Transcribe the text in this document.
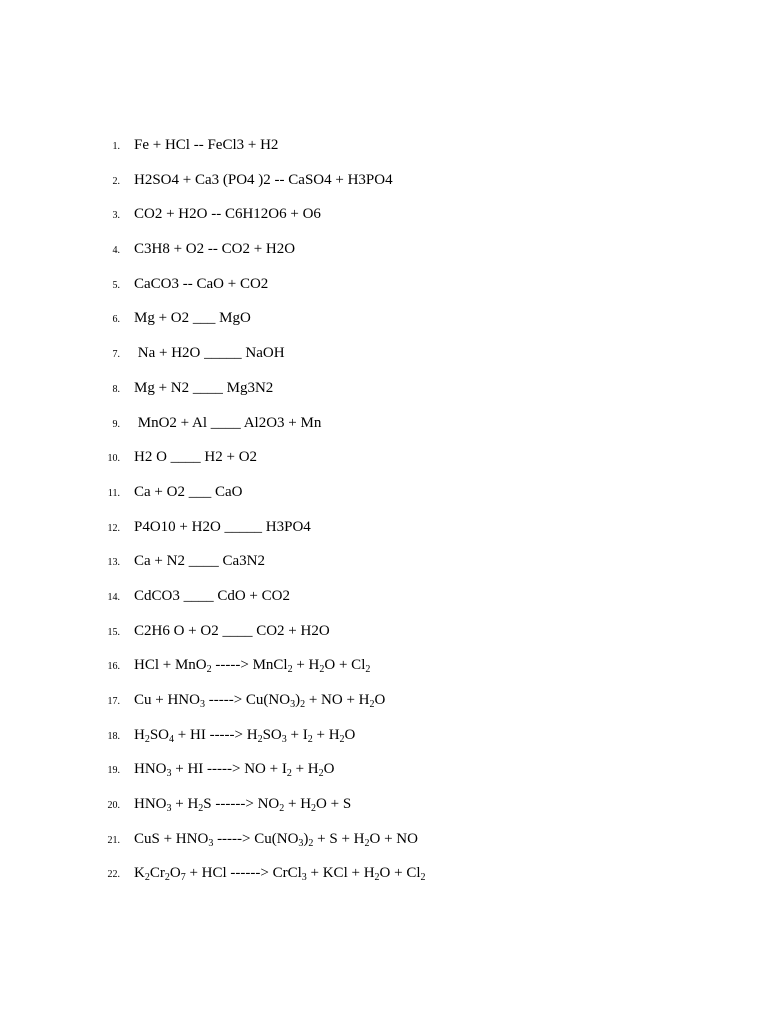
1. Fe + HCl -- FeCl3 + H2
2. H2SO4 + Ca3 (PO4 )2 -- CaSO4 + H3PO4
3. CO2 + H2O -- C6H12O6 + O6
4. C3H8 + O2 -- CO2 + H2O
5. CaCO3 -- CaO + CO2
6. Mg + O2 ___ MgO
7. Na + H2O _____ NaOH
8. Mg + N2 ____ Mg3N2
9. MnO2 + Al ____ Al2O3 + Mn
10. H2 O ____ H2 + O2
11. Ca + O2 ___ CaO
12. P4O10 + H2O _____ H3PO4
13. Ca + N2 ____ Ca3N2
14. CdCO3 ____ CdO + CO2
15. C2H6 O + O2 ____ CO2 + H2O
16. HCl + MnO$_2$ -----> MnCl$_2$ + $H_2O + Cl_2$
17. $Cu + HNO_3$ -----> $Cu(NO_3)_2$ + NO + $H_2O$
18. $H_2SO_4$ + HI -----> $H_2SO_3 + I_2 + H_2O$
19. $HNO_3$ + HI -----> NO + $I_2 + H_2O$
20. $HNO_3 + H_2S$ ------> $NO_2 + H_2O + S$
21. CuS + $HNO_3$ -----> $Cu(NO_3)_2 + S + H_2O$ + NO
22. $K_2Cr_2O_7$ + HCl ------> CrCl$_3$ + KCl + $H_2O + Cl_2$
